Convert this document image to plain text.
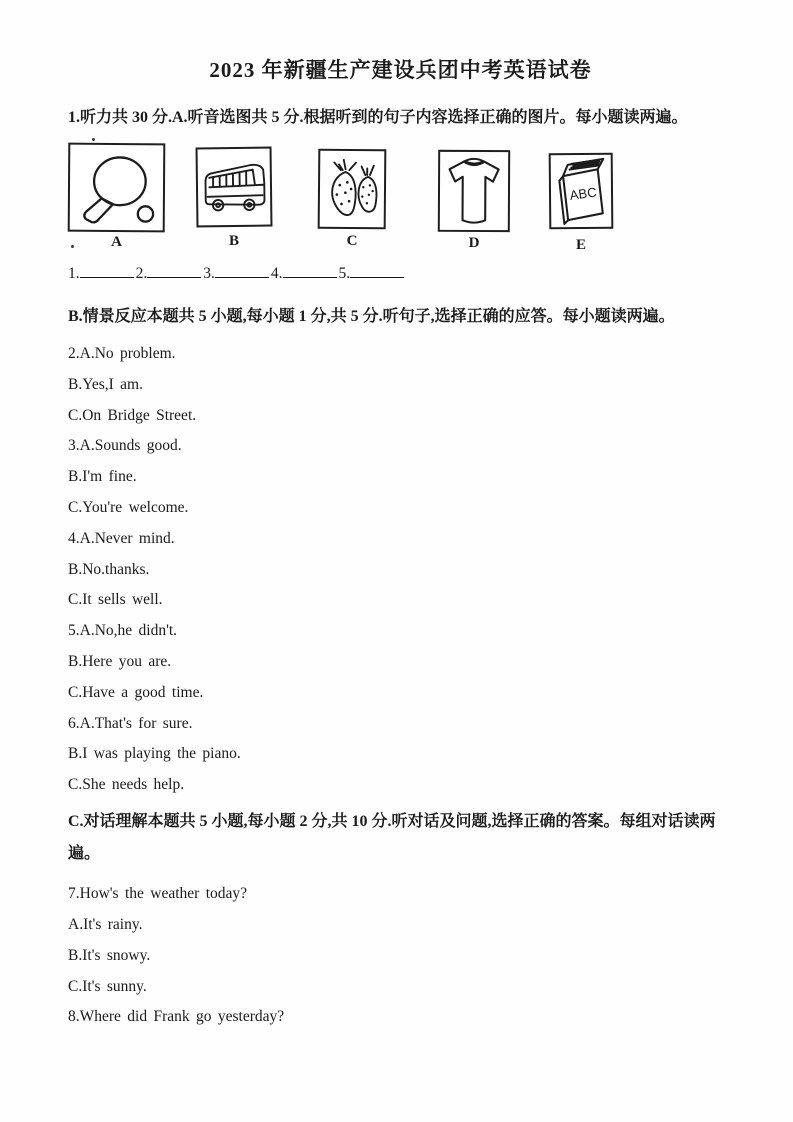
2023 年新疆生产建设兵团中考英语试卷
1.听力共 30 分.A.听音选图共 5 分.根据听到的句子内容选择正确的图片。每小题读两遍。
A	B	C	D
ABC
E
1.	2.	3.	4.	5.
B.情景反应本题共 5 小题,每小题 1 分,共 5 分.听句子,选择正确的应答。每小题读两遍。

2.A.No problem.

B.Yes,I am.

C.On Bridge Street.

3.A.Sounds good.

B.I'm fine.

C.You're welcome.

4.A.Never mind.

B.No.thanks.

C.It sells well.

5.A.No,he didn't.

B.Here you are.

C.Have a good time.

6.A.That's for sure.

B.I was playing the piano.

C.She needs help.

C.对话理解本题共 5 小题,每小题 2 分,共 10 分.听对话及问题,选择正确的答案。每组对话读两遍。

7.How's the weather today?

A.It's rainy.

B.It's snowy.

C.It's sunny.

8.Where did Frank go yesterday?
